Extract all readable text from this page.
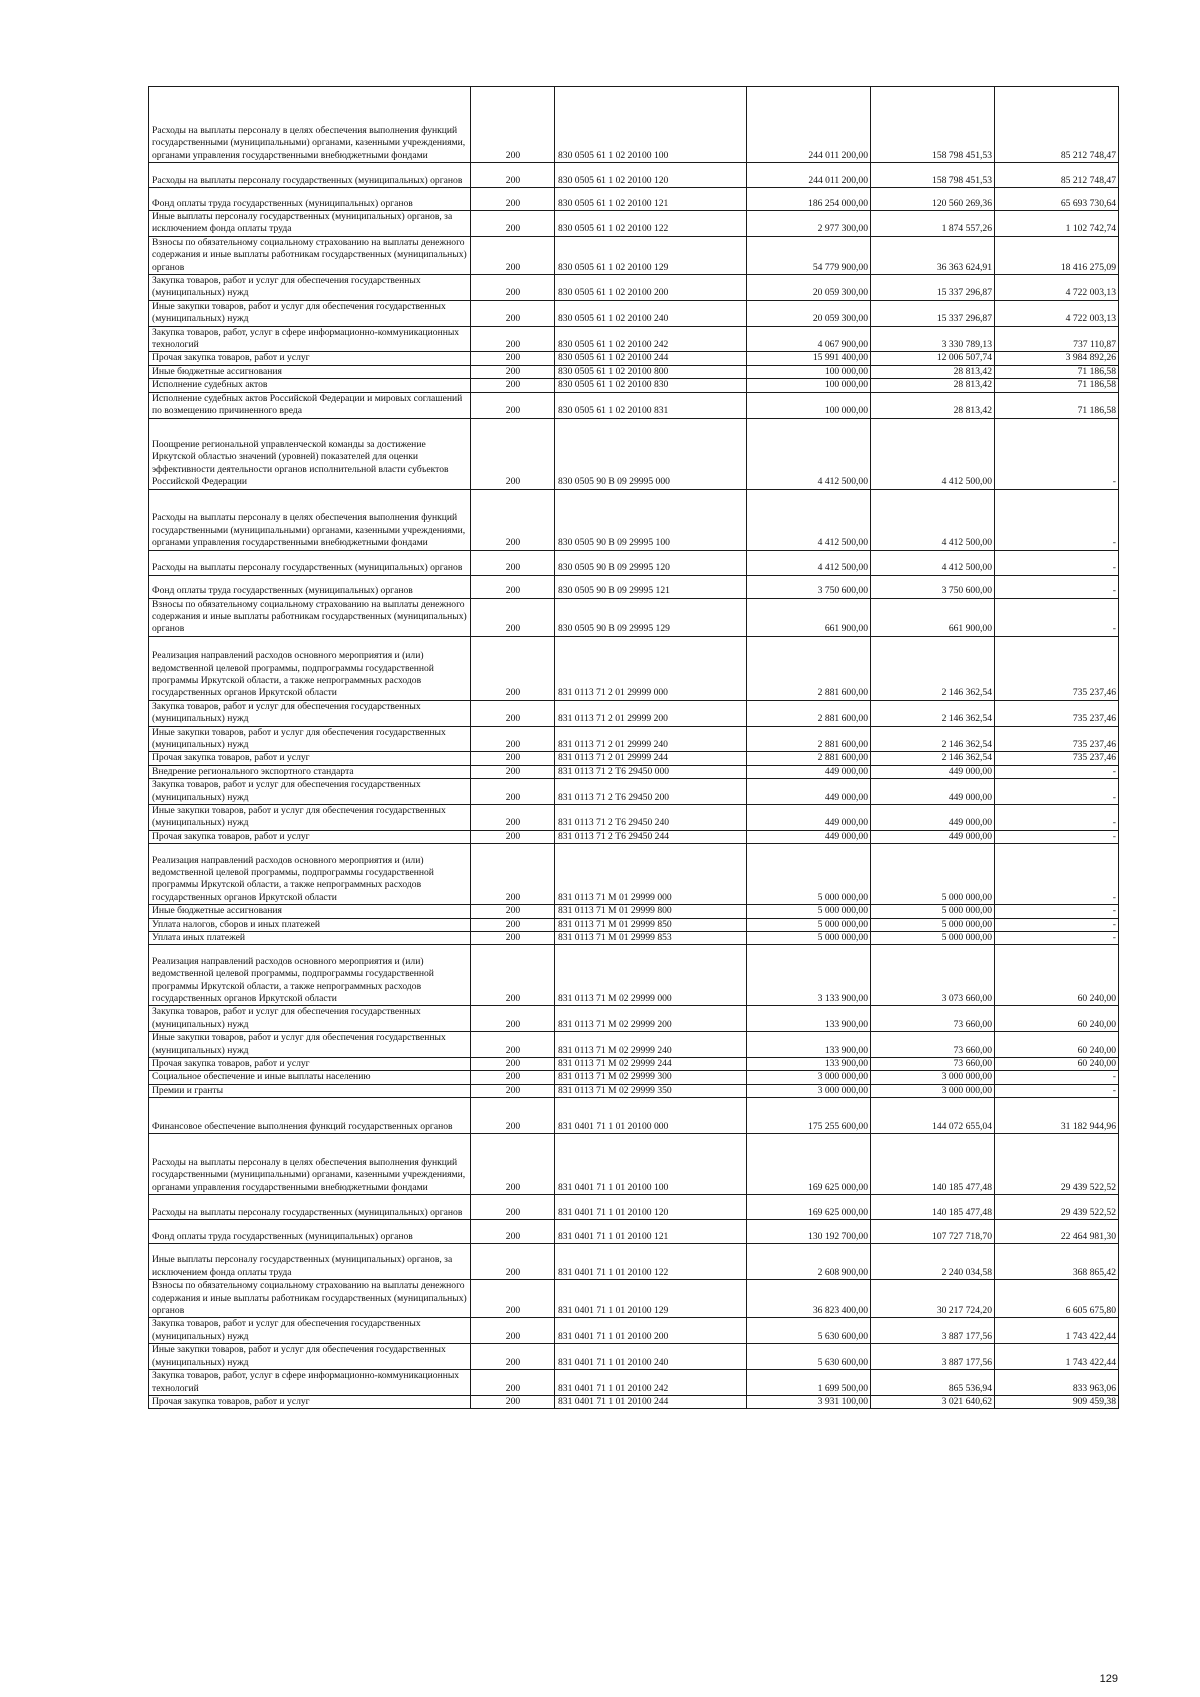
Расходы на выплаты персоналу в целях обеспечения выполнения функций государственными (муниципальными) органами, казенными учреждениями, органами управления государственными внебюджетными фондами	200	830 0505 61 1 02 20100 100	244 011 200,00	158 798 451,53	85 212 748,47
Расходы на выплаты персоналу государственных (муниципальных) органов	200	830 0505 61 1 02 20100 120	244 011 200,00	158 798 451,53	85 212 748,47
Фонд оплаты труда государственных (муниципальных) органов	200	830 0505 61 1 02 20100 121	186 254 000,00	120 560 269,36	65 693 730,64
Иные выплаты персоналу государственных (муниципальных) органов, за исключением фонда оплаты труда	200	830 0505 61 1 02 20100 122	2 977 300,00	1 874 557,26	1 102 742,74
Взносы по обязательному социальному страхованию на выплаты денежного содержания и иные выплаты работникам государственных (муниципальных) органов	200	830 0505 61 1 02 20100 129	54 779 900,00	36 363 624,91	18 416 275,09
Закупка товаров, работ и услуг для обеспечения государственных (муниципальных) нужд	200	830 0505 61 1 02 20100 200	20 059 300,00	15 337 296,87	4 722 003,13
Иные закупки товаров, работ и услуг для обеспечения государственных (муниципальных) нужд	200	830 0505 61 1 02 20100 240	20 059 300,00	15 337 296,87	4 722 003,13
Закупка товаров, работ, услуг в сфере информационно-коммуникационных технологий	200	830 0505 61 1 02 20100 242	4 067 900,00	3 330 789,13	737 110,87
Прочая закупка товаров, работ и услуг	200	830 0505 61 1 02 20100 244	15 991 400,00	12 006 507,74	3 984 892,26
Иные бюджетные ассигнования	200	830 0505 61 1 02 20100 800	100 000,00	28 813,42	71 186,58
Исполнение судебных актов	200	830 0505 61 1 02 20100 830	100 000,00	28 813,42	71 186,58
Исполнение судебных актов Российской Федерации и мировых соглашений по возмещению причиненного вреда	200	830 0505 61 1 02 20100 831	100 000,00	28 813,42	71 186,58
Поощрение региональной управленческой команды за достижение Иркутской областью значений (уровней) показателей для оценки эффективности деятельности органов исполнительной власти субъектов Российской Федерации	200	830 0505 90 В 09 29995 000	4 412 500,00	4 412 500,00	-
Расходы на выплаты персоналу в целях обеспечения выполнения функций государственными (муниципальными) органами, казенными учреждениями, органами управления государственными внебюджетными фондами	200	830 0505 90 В 09 29995 100	4 412 500,00	4 412 500,00	-
Расходы на выплаты персоналу государственных (муниципальных) органов	200	830 0505 90 В 09 29995 120	4 412 500,00	4 412 500,00	-
Фонд оплаты труда государственных (муниципальных) органов	200	830 0505 90 В 09 29995 121	3 750 600,00	3 750 600,00	-
Взносы по обязательному социальному страхованию на выплаты денежного содержания и иные выплаты работникам государственных (муниципальных) органов	200	830 0505 90 В 09 29995 129	661 900,00	661 900,00	-
Реализация направлений расходов основного мероприятия и (или) ведомственной целевой программы, подпрограммы государственной программы Иркутской области, а также непрограммных расходов государственных органов Иркутской области	200	831 0113 71 2 01 29999 000	2 881 600,00	2 146 362,54	735 237,46
Закупка товаров, работ и услуг для обеспечения государственных (муниципальных) нужд	200	831 0113 71 2 01 29999 200	2 881 600,00	2 146 362,54	735 237,46
Иные закупки товаров, работ и услуг для обеспечения государственных (муниципальных) нужд	200	831 0113 71 2 01 29999 240	2 881 600,00	2 146 362,54	735 237,46
Прочая закупка товаров, работ и услуг	200	831 0113 71 2 01 29999 244	2 881 600,00	2 146 362,54	735 237,46
Внедрение регионального экспортного стандарта	200	831 0113 71 2 Т6 29450 000	449 000,00	449 000,00	-
Закупка товаров, работ и услуг для обеспечения государственных (муниципальных) нужд	200	831 0113 71 2 Т6 29450 200	449 000,00	449 000,00	-
Иные закупки товаров, работ и услуг для обеспечения государственных (муниципальных) нужд	200	831 0113 71 2 Т6 29450 240	449 000,00	449 000,00	-
Прочая закупка товаров, работ и услуг	200	831 0113 71 2 Т6 29450 244	449 000,00	449 000,00	-
Реализация направлений расходов основного мероприятия и (или) ведомственной целевой программы, подпрограммы государственной программы Иркутской области, а также непрограммных расходов государственных органов Иркутской области	200	831 0113 71 М 01 29999 000	5 000 000,00	5 000 000,00	-
Иные бюджетные ассигнования	200	831 0113 71 М 01 29999 800	5 000 000,00	5 000 000,00	-
Уплата налогов, сборов и иных платежей	200	831 0113 71 М 01 29999 850	5 000 000,00	5 000 000,00	-
Уплата иных платежей	200	831 0113 71 М 01 29999 853	5 000 000,00	5 000 000,00	-
Реализация направлений расходов основного мероприятия и (или) ведомственной целевой программы, подпрограммы государственной программы Иркутской области, а также непрограммных расходов государственных органов Иркутской области	200	831 0113 71 М 02 29999 000	3 133 900,00	3 073 660,00	60 240,00
Закупка товаров, работ и услуг для обеспечения государственных (муниципальных) нужд	200	831 0113 71 М 02 29999 200	133 900,00	73 660,00	60 240,00
Иные закупки товаров, работ и услуг для обеспечения государственных (муниципальных) нужд	200	831 0113 71 М 02 29999 240	133 900,00	73 660,00	60 240,00
Прочая закупка товаров, работ и услуг	200	831 0113 71 М 02 29999 244	133 900,00	73 660,00	60 240,00
Социальное обеспечение и иные выплаты населению	200	831 0113 71 М 02 29999 300	3 000 000,00	3 000 000,00	-
Премии и гранты	200	831 0113 71 М 02 29999 350	3 000 000,00	3 000 000,00	-
Финансовое обеспечение выполнения функций государственных органов	200	831 0401 71 1 01 20100 000	175 255 600,00	144 072 655,04	31 182 944,96
Расходы на выплаты персоналу в целях обеспечения выполнения функций государственными (муниципальными) органами, казенными учреждениями, органами управления государственными внебюджетными фондами	200	831 0401 71 1 01 20100 100	169 625 000,00	140 185 477,48	29 439 522,52
Расходы на выплаты персоналу государственных (муниципальных) органов	200	831 0401 71 1 01 20100 120	169 625 000,00	140 185 477,48	29 439 522,52
Фонд оплаты труда государственных (муниципальных) органов	200	831 0401 71 1 01 20100 121	130 192 700,00	107 727 718,70	22 464 981,30
Иные выплаты персоналу государственных (муниципальных) органов, за исключением фонда оплаты труда	200	831 0401 71 1 01 20100 122	2 608 900,00	2 240 034,58	368 865,42
Взносы по обязательному социальному страхованию на выплаты денежного содержания и иные выплаты работникам государственных (муниципальных) органов	200	831 0401 71 1 01 20100 129	36 823 400,00	30 217 724,20	6 605 675,80
Закупка товаров, работ и услуг для обеспечения государственных (муниципальных) нужд	200	831 0401 71 1 01 20100 200	5 630 600,00	3 887 177,56	1 743 422,44
Иные закупки товаров, работ и услуг для обеспечения государственных (муниципальных) нужд	200	831 0401 71 1 01 20100 240	5 630 600,00	3 887 177,56	1 743 422,44
Закупка товаров, работ, услуг в сфере информационно-коммуникационных технологий	200	831 0401 71 1 01 20100 242	1 699 500,00	865 536,94	833 963,06
Прочая закупка товаров, работ и услуг	200	831 0401 71 1 01 20100 244	3 931 100,00	3 021 640,62	909 459,38
129
